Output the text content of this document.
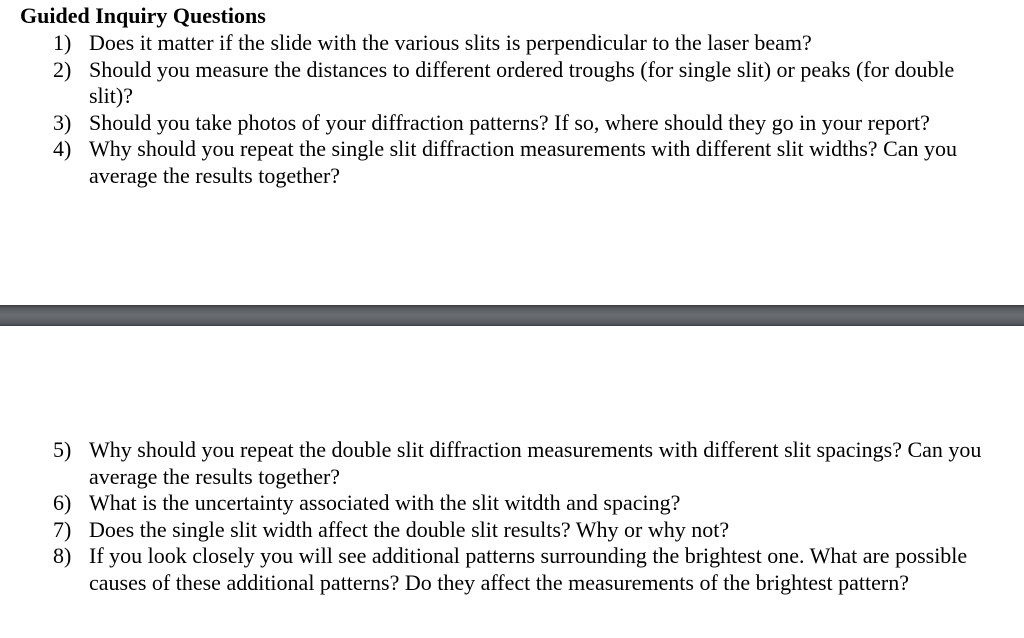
Guided Inquiry Questions
1) Does it matter if the slide with the various slits is perpendicular to the laser beam?
2) Should you measure the distances to different ordered troughs (for single slit) or peaks (for double slit)?
3) Should you take photos of your diffraction patterns? If so, where should they go in your report?
4) Why should you repeat the single slit diffraction measurements with different slit widths? Can you average the results together?
5) Why should you repeat the double slit diffraction measurements with different slit spacings? Can you average the results together?
6) What is the uncertainty associated with the slit witdth and spacing?
7) Does the single slit width affect the double slit results? Why or why not?
8) If you look closely you will see additional patterns surrounding the brightest one. What are possible causes of these additional patterns? Do they affect the measurements of the brightest pattern?
